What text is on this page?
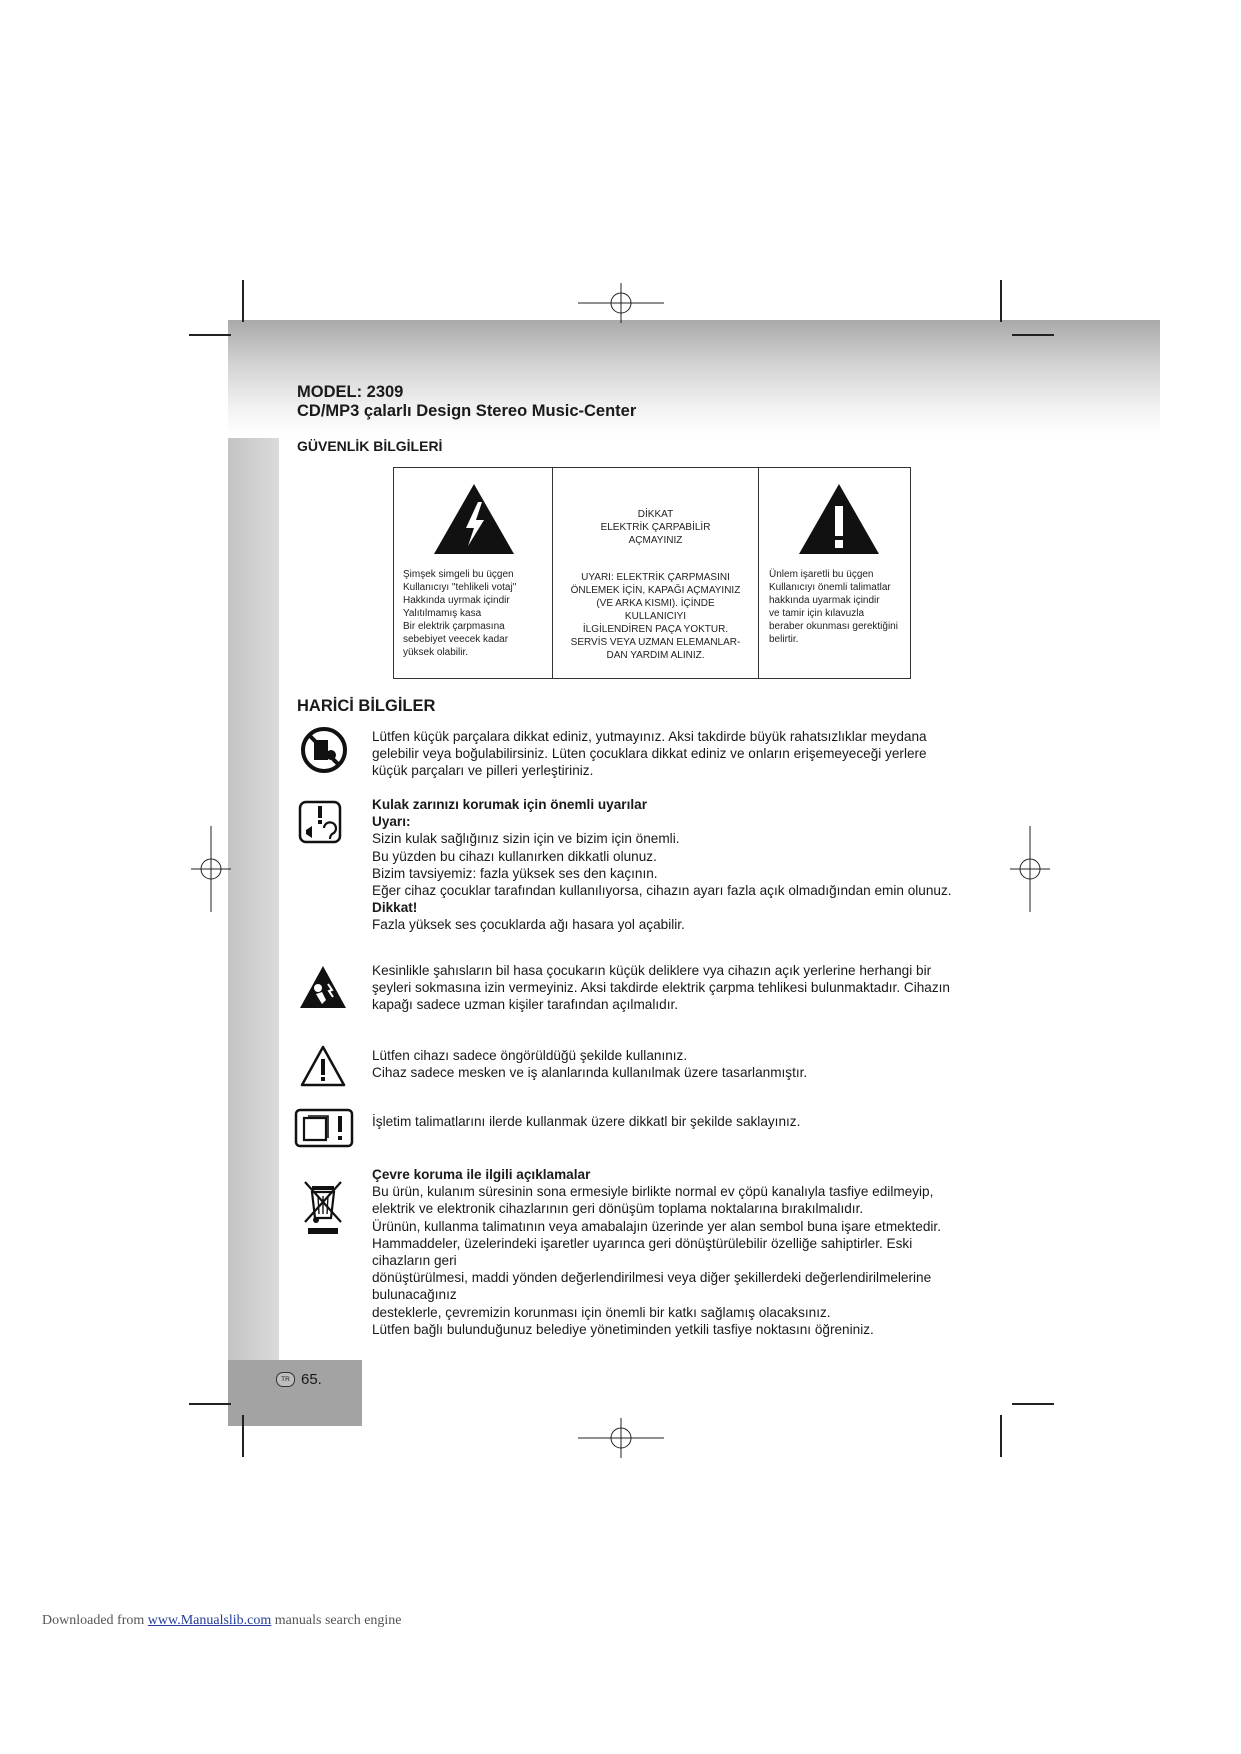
MODEL: 2309
CD/MP3 çalarlı Design Stereo Music-Center
GÜVENLİK BİLGİLERİ
Şimşek simgeli bu üçgen
Kullanıcıyı "tehlikeli votaj"
Hakkında uyrmak içindir
Yalıtılmamış kasa
Bir elektrik çarpmasına
sebebiyet veecek kadar
yüksek olabilir.
DİKKAT
ELEKTRİK ÇARPABİLİR
AÇMAYINIZ
UYARI: ELEKTRİK ÇARPMASINI
ÖNLEMEK İÇİN, KAPAĞI AÇMAYINIZ
(VE ARKA KISMI). İÇİNDE
KULLANICIYI
İLGİLENDİREN PAÇA YOKTUR.
SERVİS VEYA UZMAN ELEMANLAR-
DAN YARDIM ALINIZ.
Ünlem işaretli bu üçgen
Kullanıcıyı önemli talimatlar
hakkında uyarmak içindir
ve tamir için kılavuzla
beraber okunması gerektiğini
belirtir.
HARİCİ BİLGİLER
Lütfen küçük parçalara dikkat ediniz, yutmayınız. Aksi takdirde büyük rahatsızlıklar meydana
gelebilir veya boğulabilirsiniz. Lüten çocuklara dikkat ediniz ve onların erişemeyeceği yerlere
küçük parçaları ve pilleri yerleştiriniz.
Kulak zarınızı korumak için önemli uyarılar
Uyarı:
Sizin kulak sağlığınız sizin için ve bizim için önemli.
Bu yüzden bu cihazı kullanırken dikkatli olunuz.
Bizim tavsiyemiz: fazla yüksek ses den kaçının.
Eğer cihaz çocuklar tarafından kullanılıyorsa, cihazın ayarı fazla açık olmadığından emin olunuz.
Dikkat!
Fazla yüksek ses çocuklarda ağı hasara yol açabilir.
Kesinlikle şahısların bil hasa çocukarın küçük deliklere vya cihazın açık yerlerine herhangi bir
şeyleri sokmasına izin vermeyiniz. Aksi takdirde elektrik çarpma tehlikesi bulunmaktadır. Cihazın
kapağı sadece uzman kişiler tarafından açılmalıdır.
Lütfen cihazı sadece öngörüldüğü şekilde kullanınız.
Cihaz sadece mesken ve iş alanlarında kullanılmak üzere tasarlanmıştır.
İşletim talimatlarını ilerde kullanmak üzere dikkatl bir şekilde saklayınız.
Çevre koruma ile ilgili açıklamalar
Bu ürün, kulanım süresinin sona ermesiyle birlikte normal ev çöpü kanalıyla tasfiye edilmeyip,
elektrik ve elektronik cihazlarının geri dönüşüm toplama noktalarına bırakılmalıdır.
Ürünün, kullanma talimatının veya amabalajın üzerinde yer alan sembol buna işare etmektedir.
Hammaddeler, üzelerindeki işaretler uyarınca geri dönüştürülebilir özelliğe sahiptirler. Eski
cihazların geri
dönüştürülmesi, maddi yönden değerlendirilmesi veya diğer şekillerdeki değerlendirilmelerine
bulunacağınız
desteklerle, çevremizin korunması için önemli bir katkı sağlamış olacaksınız.
Lütfen bağlı bulunduğunuz belediye yönetiminden yetkili tasfiye noktasını öğreniniz.
TR 65.
Downloaded from www.Manualslib.com manuals search engine
